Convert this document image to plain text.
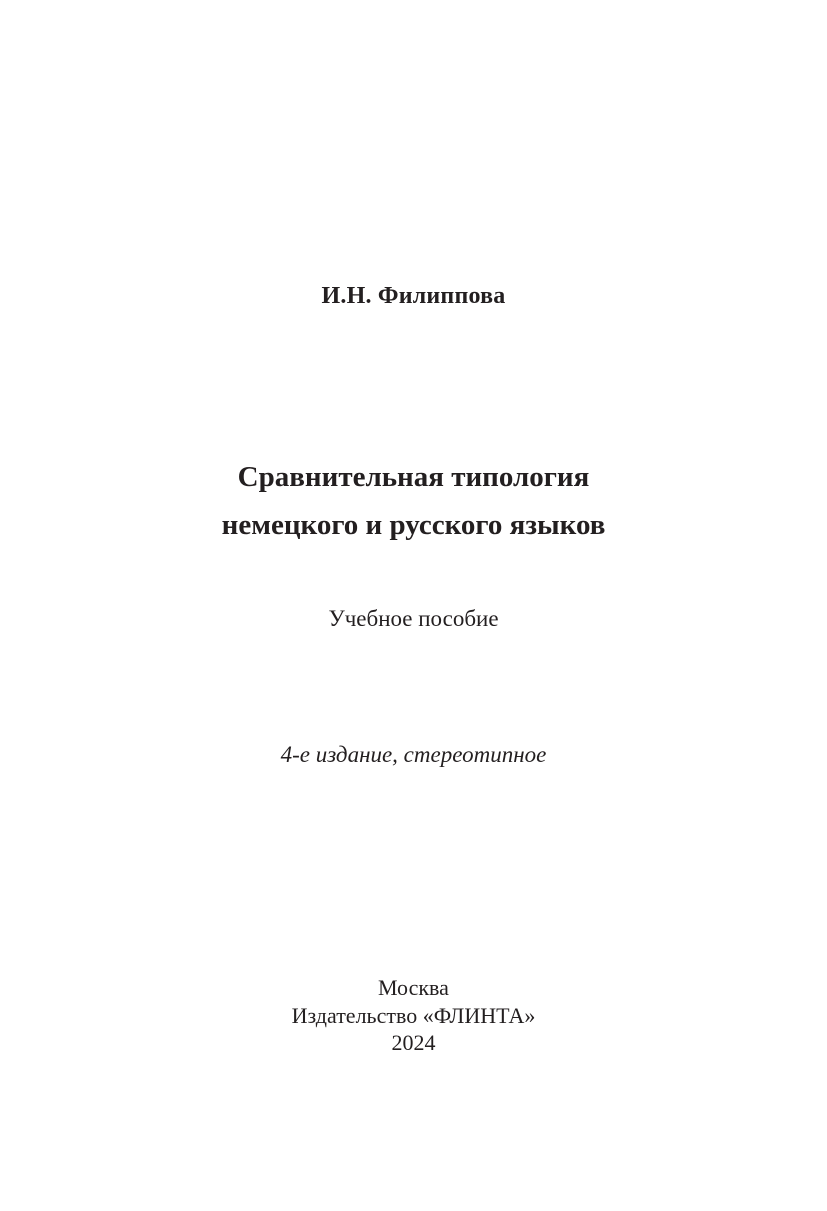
И.Н. Филиппова
Сравнительная типология
немецкого и русского языков
Учебное пособие
4-е издание, стереотипное
Москва
Издательство «ФЛИНТА»
2024
